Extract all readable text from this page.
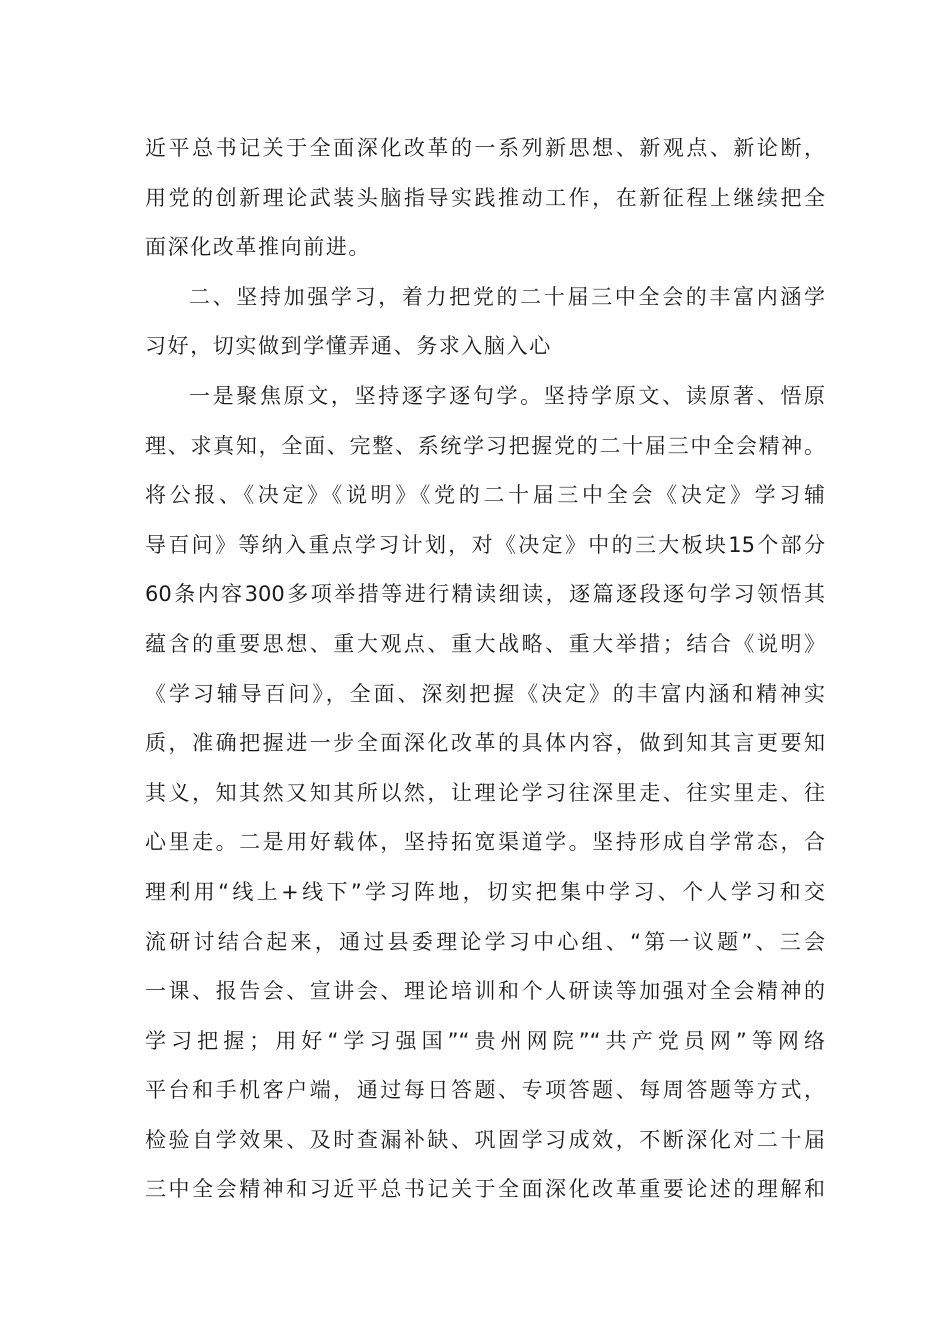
近平总书记关于全面深化改革的一系列新思想、新观点、新论断，
用党的创新理论武装头脑指导实践推动工作，在新征程上继续把全
面深化改革推向前进。
二、坚持加强学习，着力把党的二十届三中全会的丰富内涵学
习好，切实做到学懂弄通、务求入脑入心
一是聚焦原文，坚持逐字逐句学。坚持学原文、读原著、悟原
理、求真知，全面、完整、系统学习把握党的二十届三中全会精神。
将公报、《决定》《说明》《党的二十届三中全会《决定》学习辅
导百问》等纳入重点学习计划，对《决定》中的三大板块15个部分
60条内容300多项举措等进行精读细读，逐篇逐段逐句学习领悟其
蕴含的重要思想、重大观点、重大战略、重大举措；结合《说明》
《学习辅导百问》，全面、深刻把握《决定》的丰富内涵和精神实
质，准确把握进一步全面深化改革的具体内容，做到知其言更要知
其义，知其然又知其所以然，让理论学习往深里走、往实里走、往
心里走。二是用好载体，坚持拓宽渠道学。坚持形成自学常态，合
理利用“线上+线下”学习阵地，切实把集中学习、个人学习和交
流研讨结合起来，通过县委理论学习中心组、“第一议题”、三会
一课、报告会、宣讲会、理论培训和个人研读等加强对全会精神的
学习把握；用好“学习强国”“贵州网院”“共产党员网”等网络
平台和手机客户端，通过每日答题、专项答题、每周答题等方式，
检验自学效果、及时查漏补缺、巩固学习成效，不断深化对二十届
三中全会精神和习近平总书记关于全面深化改革重要论述的理解和
